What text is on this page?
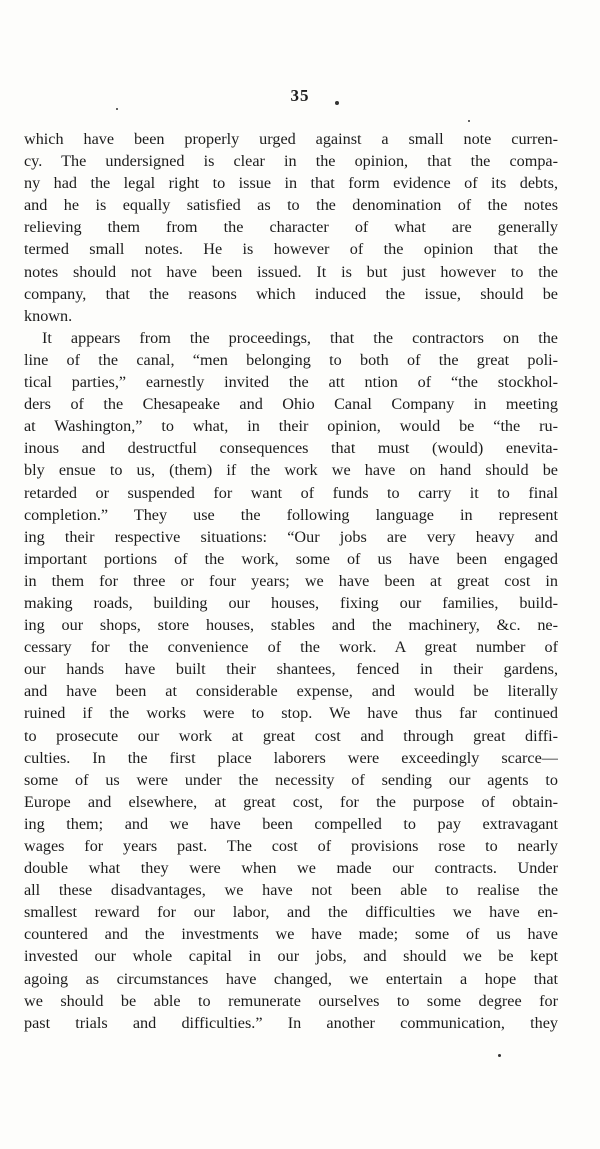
35
which have been properly urged against a small note curren-
cy. The undersigned is clear in the opinion, that the compa-
ny had the legal right to issue in that form evidence of its debts,
and he is equally satisfied as to the denomination of the notes
relieving them from the character of what are generally
termed small notes. He is however of the opinion that the
notes should not have been issued. It is but just however to the
company, that the reasons which induced the issue, should be
known.
It appears from the proceedings, that the contractors on the
line of the canal, “men belonging to both of the great poli-
tical parties,” earnestly invited the att ntion of “the stockhol-
ders of the Chesapeake and Ohio Canal Company in meeting
at Washington,” to what, in their opinion, would be “the ru-
inous and destructful consequences that must (would) enevita-
bly ensue to us, (them) if the work we have on hand should be
retarded or suspended for want of funds to carry it to final
completion.” They use the following language in represent
ing their respective situations: “Our jobs are very heavy and
important portions of the work, some of us have been engaged
in them for three or four years; we have been at great cost in
making roads, building our houses, fixing our families, build-
ing our shops, store houses, stables and the machinery, &c. ne-
cessary for the convenience of the work. A great number of
our hands have built their shantees, fenced in their gardens,
and have been at considerable expense, and would be literally
ruined if the works were to stop. We have thus far continued
to prosecute our work at great cost and through great diffi-
culties. In the first place laborers were exceedingly scarce—
some of us were under the necessity of sending our agents to
Europe and elsewhere, at great cost, for the purpose of obtain-
ing them; and we have been compelled to pay extravagant
wages for years past. The cost of provisions rose to nearly
double what they were when we made our contracts. Under
all these disadvantages, we have not been able to realise the
smallest reward for our labor, and the difficulties we have en-
countered and the investments we have made; some of us have
invested our whole capital in our jobs, and should we be kept
agoing as circumstances have changed, we entertain a hope that
we should be able to remunerate ourselves to some degree for
past trials and difficulties.” In another communication, they
